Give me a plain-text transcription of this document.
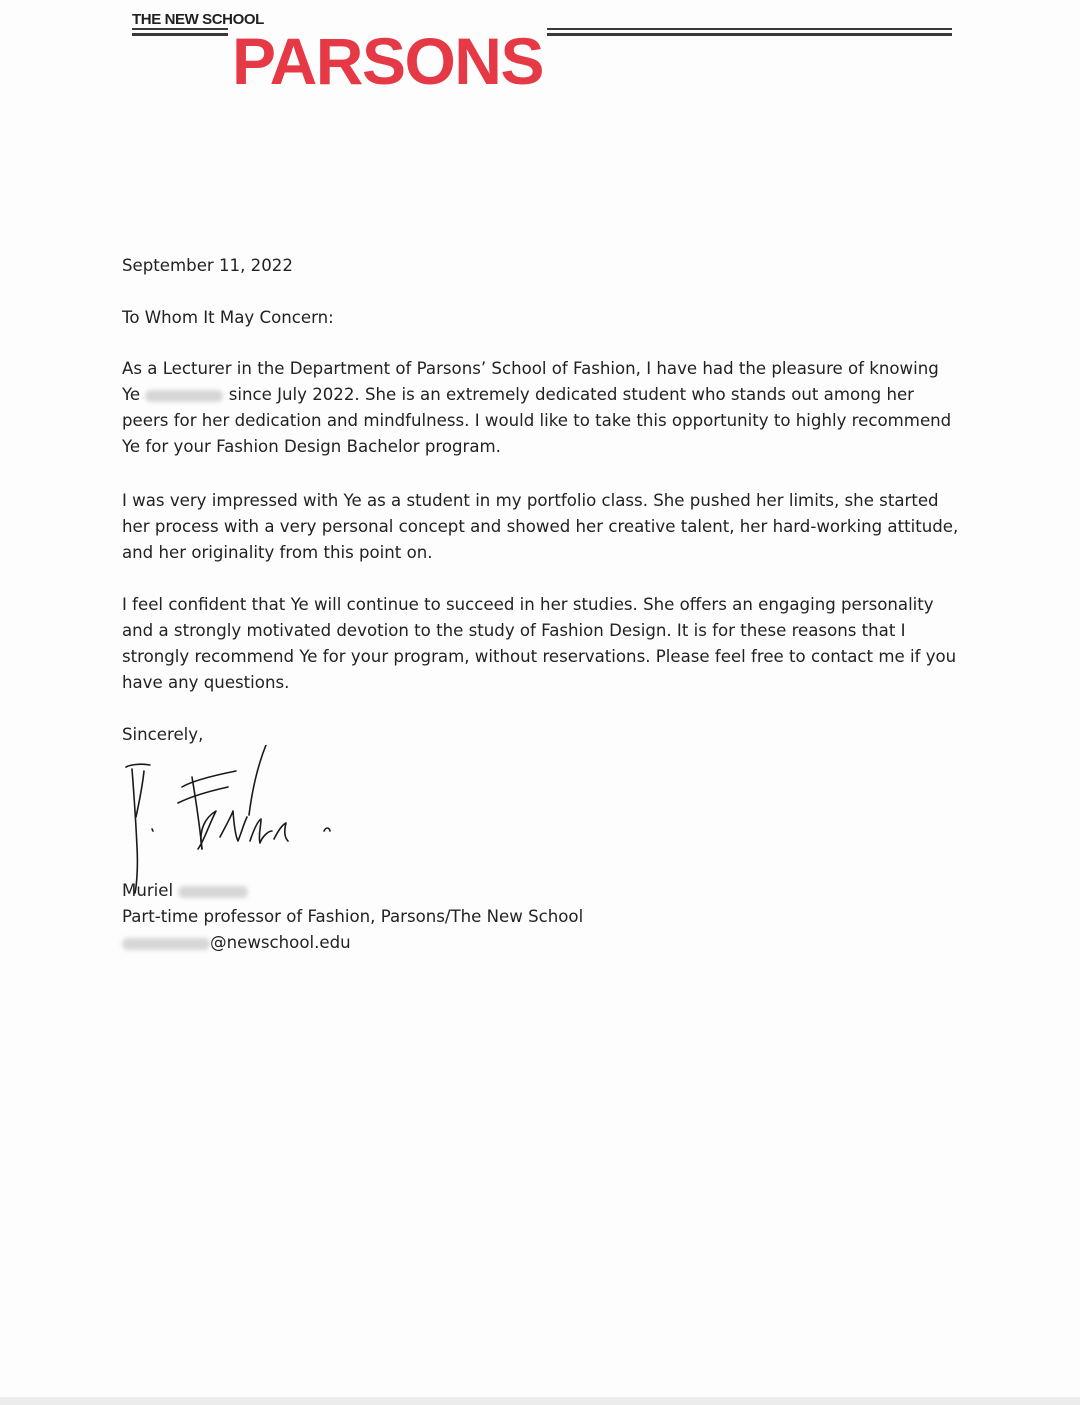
THE NEW SCHOOL
PARSONS
September 11, 2022
To Whom It May Concern:
As a Lecturer in the Department of Parsons’ School of Fashion, I have had the pleasure of knowing Ye	since July 2022. She is an extremely dedicated student who stands out among her peers for her dedication and mindfulness. I would like to take this opportunity to highly recommend Ye for your Fashion Design Bachelor program.
I was very impressed with Ye as a student in my portfolio class. She pushed her limits, she started her process with a very personal concept and showed her creative talent, her hard-working attitude, and her originality from this point on.
I feel confident that Ye will continue to succeed in her studies. She offers an engaging personality and a strongly motivated devotion to the study of Fashion Design. It is for these reasons that I strongly recommend Ye for your program, without reservations. Please feel free to contact me if you have any questions.
Sincerely,
Muriel
Part-time professor of Fashion, Parsons/The New School
@newschool.edu
